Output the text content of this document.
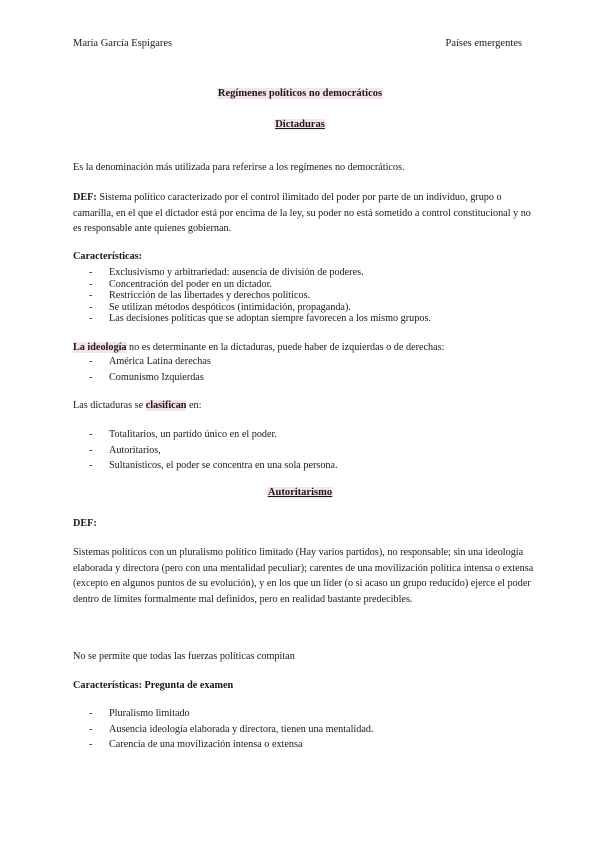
María García Espigares	Países emergentes
Regímenes políticos no democráticos
Dictaduras
Es la denominación más utilizada para referirse a los regímenes no democráticos.
DEF: Sistema político caracterizado por el control ilimitado del poder por parte de un individuo, grupo o camarilla, en el que el dictador está por encima de la ley, su poder no está sometido a control constitucional y no es responsable ante quienes gobiernan.
Características:
- Exclusivismo y arbitrariedad: ausencia de división de poderes.
- Concentración del poder en un dictador.
- Restricción de las libertades y derechos políticos.
- Se utilizan métodos despóticos (intimidación, propaganda).
- Las decisiones políticas que se adoptan siempre favorecen a los mismo grupos.
La ideología no es determinante en la dictaduras, puede haber de izquierdas o de derechas:
- América Latina derechas
- Comunismo Izquierdas
Las dictaduras se clasifican en:
- Totalitarios, un partido único en el poder.
- Autoritarios,
- Sultanísticos, el poder se concentra en una sola persona.
Autoritarismo
DEF:
Sistemas políticos con un pluralismo político limitado (Hay varios partidos), no responsable; sin una ideología elaborada y directora (pero con una mentalidad peculiar); carentes de una movilización política intensa o extensa (excepto en algunos puntos de su evolución), y en los que un líder (o si acaso un grupo reducido) ejerce el poder dentro de límites formalmente mal definidos, pero en realidad bastante predecibles.
No se permite que todas las fuerzas políticas compitan
Características: Pregunta de examen
- Pluralismo limitado
- Ausencia ideología elaborada y directora, tienen una mentalidad.
- Carencia de una movilización intensa o extensa
